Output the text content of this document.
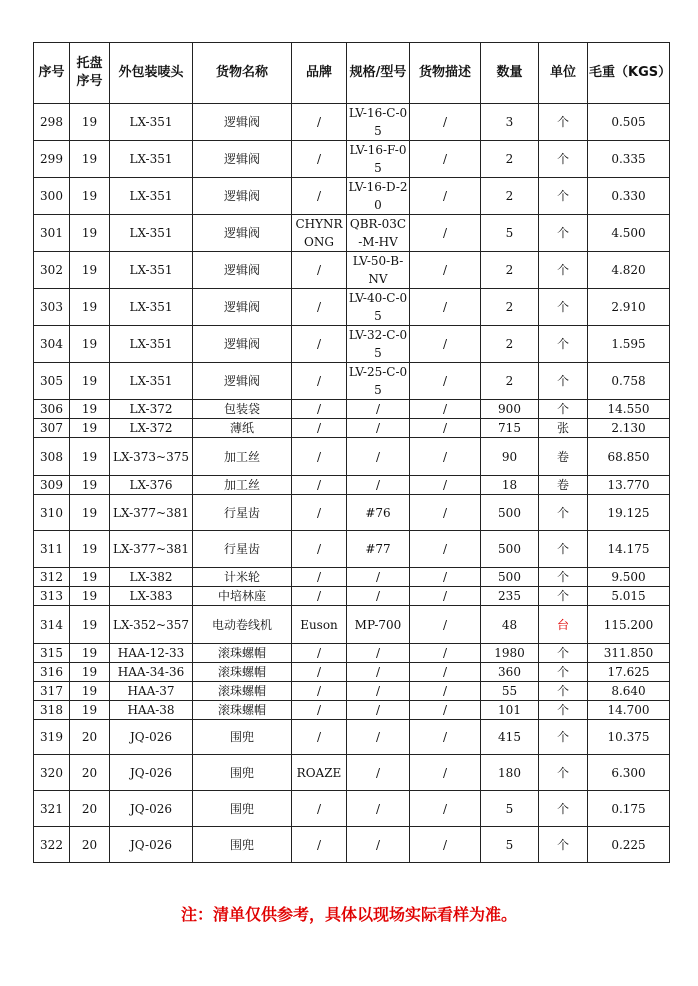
序号	托盘序号	外包装唛头	货物名称	品牌	规格/型号	货物描述	数量	单位	毛重（KGS）
298	19	LX-351	逻辑阀	/	LV-16-C-05	/	3	个	0.505
299	19	LX-351	逻辑阀	/	LV-16-F-05	/	2	个	0.335
300	19	LX-351	逻辑阀	/	LV-16-D-20	/	2	个	0.330
301	19	LX-351	逻辑阀	CHYNRONG	QBR-03C-M-HV	/	5	个	4.500
302	19	LX-351	逻辑阀	/	LV-50-B-NV	/	2	个	4.820
303	19	LX-351	逻辑阀	/	LV-40-C-05	/	2	个	2.910
304	19	LX-351	逻辑阀	/	LV-32-C-05	/	2	个	1.595
305	19	LX-351	逻辑阀	/	LV-25-C-05	/	2	个	0.758
306	19	LX-372	包装袋	/	/	/	900	个	14.550
307	19	LX-372	薄纸	/	/	/	715	张	2.130
308	19	LX-373~375	加工丝	/	/	/	90	卷	68.850
309	19	LX-376	加工丝	/	/	/	18	卷	13.770
310	19	LX-377~381	行星齿	/	#76	/	500	个	19.125
311	19	LX-377~381	行星齿	/	#77	/	500	个	14.175
312	19	LX-382	计米轮	/	/	/	500	个	9.500
313	19	LX-383	中培林座	/	/	/	235	个	5.015
314	19	LX-352~357	电动卷线机	Euson	MP-700	/	48	台	115.200
315	19	HAA-12-33	滚珠螺帽	/	/	/	1980	个	311.850
316	19	HAA-34-36	滚珠螺帽	/	/	/	360	个	17.625
317	19	HAA-37	滚珠螺帽	/	/	/	55	个	8.640
318	19	HAA-38	滚珠螺帽	/	/	/	101	个	14.700
319	20	JQ-026	围兜	/	/	/	415	个	10.375
320	20	JQ-026	围兜	ROAZE	/	/	180	个	6.300
321	20	JQ-026	围兜	/	/	/	5	个	0.175
322	20	JQ-026	围兜	/	/	/	5	个	0.225
注：清单仅供参考，具体以现场实际看样为准。
